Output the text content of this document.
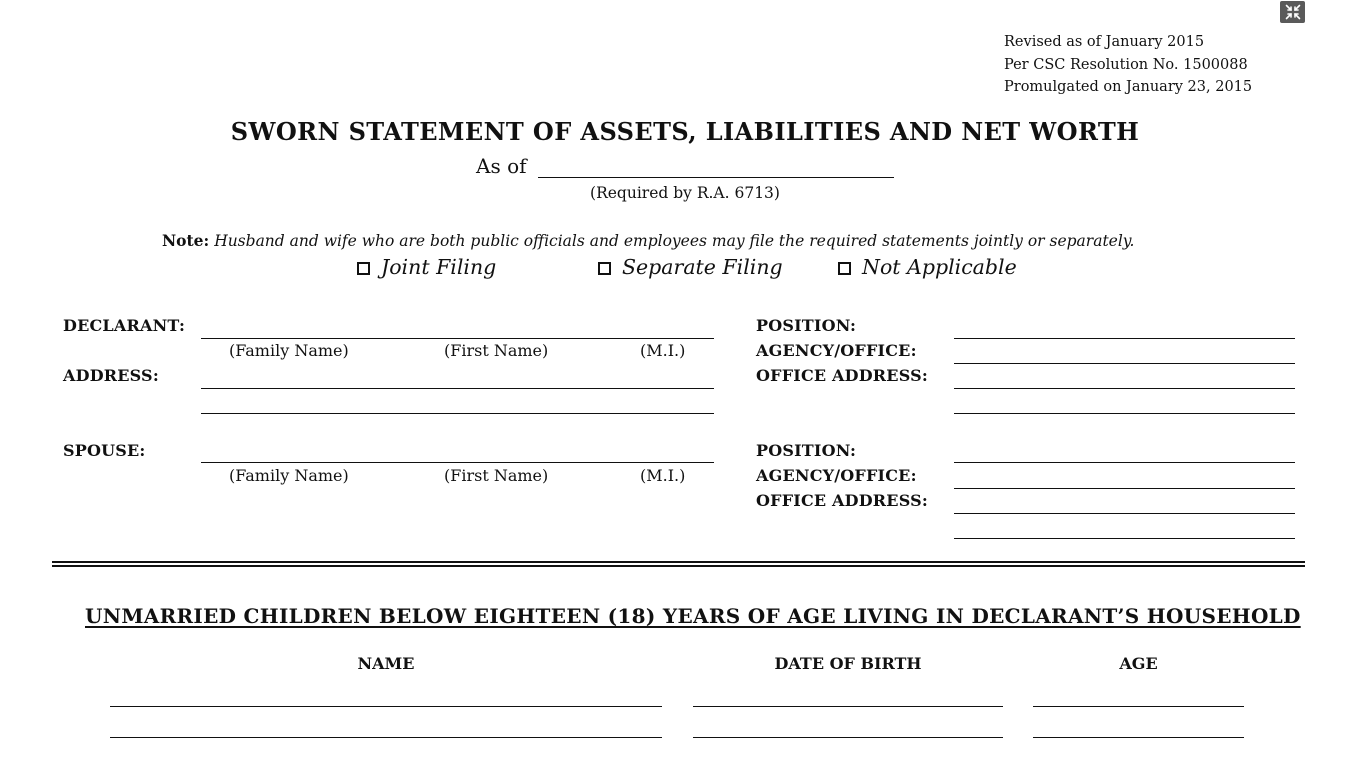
Revised as of January 2015
Per CSC Resolution No. 1500088
Promulgated on January 23, 2015
SWORN STATEMENT OF ASSETS, LIABILITIES AND NET WORTH
As of
(Required by R.A. 6713)
Note: Husband and wife who are both public officials and employees may file the required statements jointly or separately.
Joint Filing	Separate Filing	Not Applicable
DECLARANT:
(Family Name)	(First Name)	(M.I.)
ADDRESS:
POSITION:
AGENCY/OFFICE:
OFFICE ADDRESS:
SPOUSE:
(Family Name)	(First Name)	(M.I.)
POSITION:
AGENCY/OFFICE:
OFFICE ADDRESS:
UNMARRIED CHILDREN BELOW EIGHTEEN (18) YEARS OF AGE LIVING IN DECLARANT’S HOUSEHOLD
NAME	DATE OF BIRTH	AGE
